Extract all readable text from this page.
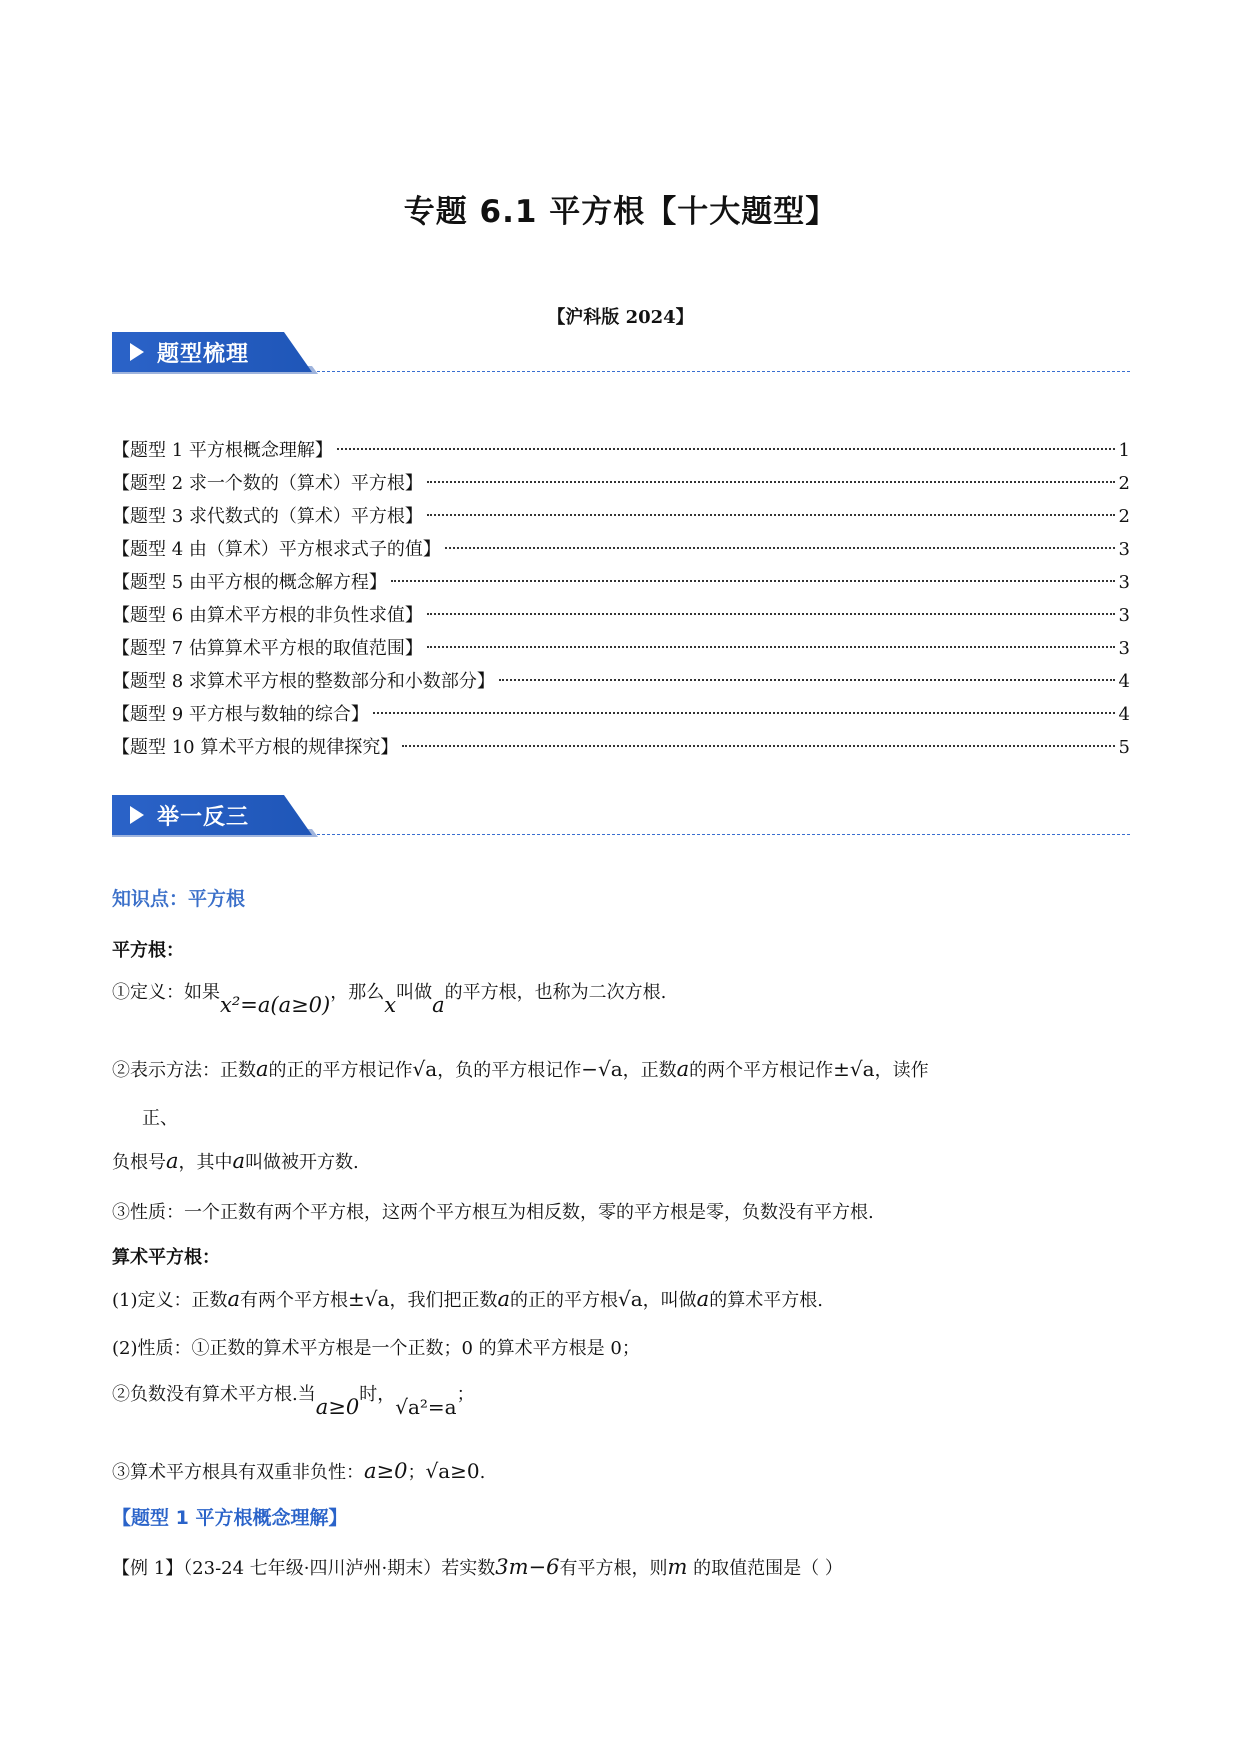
专题 6.1 平方根【十大题型】
【沪科版 2024】
题型梳理
【题型 1 平方根概念理解】	1
【题型 2 求一个数的（算术）平方根】	2
【题型 3 求代数式的（算术）平方根】	2
【题型 4 由（算术）平方根求式子的值】	3
【题型 5 由平方根的概念解方程】	3
【题型 6 由算术平方根的非负性求值】	3
【题型 7 估算算术平方根的取值范围】	3
【题型 8 求算术平方根的整数部分和小数部分】	4
【题型 9 平方根与数轴的综合】	4
【题型 10 算术平方根的规律探究】	5
举一反三
知识点：平方根
平方根：
①定义：如果x²=a(a≥0)，那么x叫做a的平方根，也称为二次方根.
②表示方法：正数a的正的平方根记作√a，负的平方根记作−√a，正数a的两个平方根记作±√a，读作
正、
负根号a，其中a叫做被开方数.
③性质：一个正数有两个平方根，这两个平方根互为相反数，零的平方根是零，负数没有平方根.
算术平方根：
(1)定义：正数a有两个平方根±√a，我们把正数a的正的平方根√a，叫做a的算术平方根.
(2)性质：①正数的算术平方根是一个正数；0 的算术平方根是 0；
②负数没有算术平方根.当a≥0时，√a²=a；
③算术平方根具有双重非负性：a≥0；√a≥0.
【题型 1 平方根概念理解】
【例 1】（23-24 七年级·四川泸州·期末）若实数3m−6有平方根，则m 的取值范围是（ ）
